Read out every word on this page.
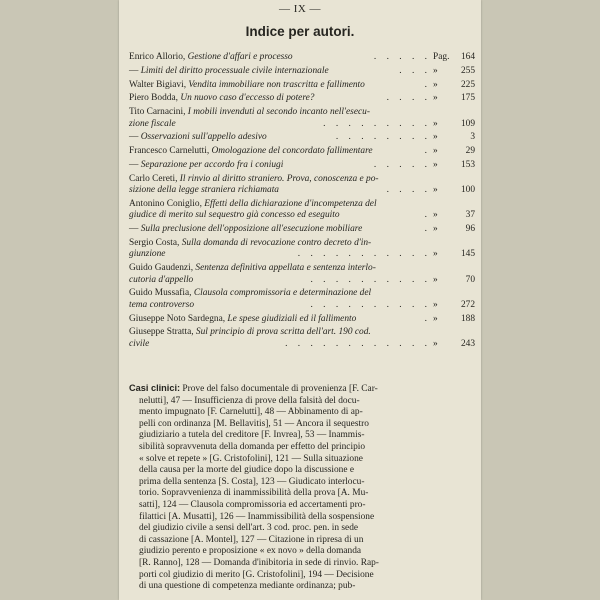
— IX —
Indice per autori.
Enrico Allorio, Gestione d'affari e processo	. . . . . Pag. 164
— Limiti del diritto processuale civile internazionale	. . . » 255
Walter Bigiavi, Vendita immobiliare non trascritta e fallimento	. » 225
Piero Bodda, Un nuovo caso d'eccesso di potere?	. . . . » 175
Tito Carnacini, I mobili invenduti al secondo incanto nell'esecu-
zione fiscale	. . . . . . . . . » 109
— Osservazioni sull'appello adesivo	. . . . . . . . »	3
Francesco Carnelutti, Omologazione del concordato fallimentare	. »	29
— Separazione per accordo fra i coniugi	. . . . . » 153
Carlo Cereti, Il rinvio al diritto straniero. Prova, conoscenza e po-
sizione della legge straniera richiamata	. . . . » 100
Antonino Coniglio, Effetti della dichiarazione d'incompetenza del
giudice di merito sul sequestro già concesso ed eseguito	. »	37
— Sulla preclusione dell'opposizione all'esecuzione mobiliare	. »	96
Sergio Costa, Sulla domanda di revocazione contro decreto d'in-
giunzione	. . . . . . . . . . . » 145
Guido Gaudenzi, Sentenza definitiva appellata e sentenza interlo-
cutoria d'appello	. . . . . . . . . . »	70
Guido Mussafia, Clausola compromissoria e determinazione del
tema controverso	. . . . . . . . . . » 272
Giuseppe Noto Sardegna, Le spese giudiziali ed il fallimento	. » 188
Giuseppe Stratta, Sul principio di prova scritta dell'art. 190 cod.
civile	. . . . . . . . . . . . » 243
Casi clinici: Prove del falso documentale di provenienza [F. Car-
nelutti], 47 — Insufficienza di prove della falsità del docu-
mento impugnato [F. Carnelutti], 48 — Abbinamento di ap-
pelli con ordinanza [M. Bellavitis], 51 — Ancora il sequestro
giudiziario a tutela del creditore [F. Invrea], 53 — Inammis-
sibilità sopravvenuta della domanda per effetto del principio
« solve et repete » [G. Cristofolini], 121 — Sulla situazione
della causa per la morte del giudice dopo la discussione e
prima della sentenza [S. Costa], 123 — Giudicato interlocu-
torio. Sopravvenienza di inammissibilità della prova [A. Mu-
satti], 124 — Clausola compromissoria ed accertamenti pro-
filattici [A. Musatti], 126 — Inammissibilità della sospensione
del giudizio civile a sensi dell'art. 3 cod. proc. pen. in sede
di cassazione [A. Montel], 127 — Citazione in ripresa di un
giudizio perento e proposizione « ex novo » della domanda
[R. Ranno], 128 — Domanda d'inibitoria in sede di rinvio. Rap-
porti col giudizio di merito [G. Cristofolini], 194 — Decisione
di una questione di competenza mediante ordinanza; pub-
